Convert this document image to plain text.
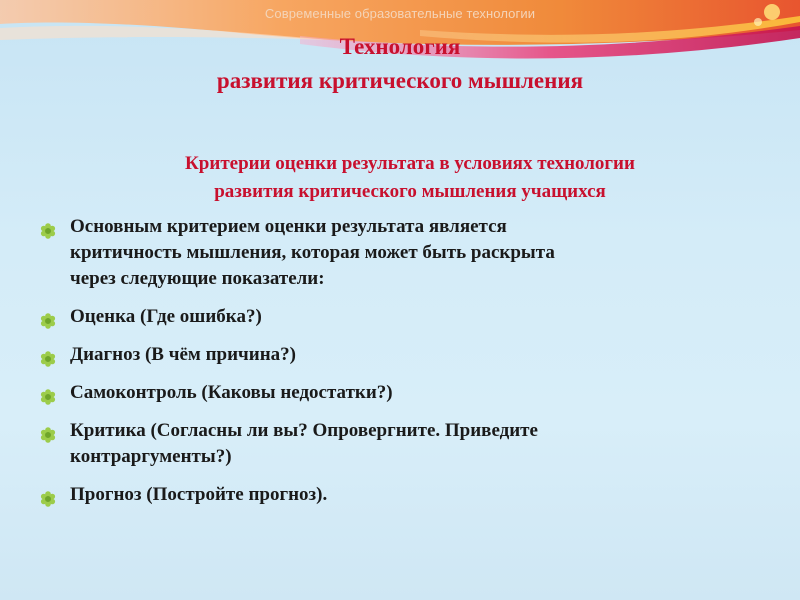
Современные образовательные технологии
Технология
развития критического мышления
Критерии оценки результата в условиях технологии
развития критического мышления учащихся
Основным критерием оценки результата является
критичность мышления, которая может быть раскрыта
через следующие показатели:
Оценка (Где ошибка?)
Диагноз (В чём причина?)
Самоконтроль (Каковы недостатки?)
Критика (Согласны ли вы? Опровергните. Приведите
контраргументы?)
Прогноз (Постройте прогноз).
